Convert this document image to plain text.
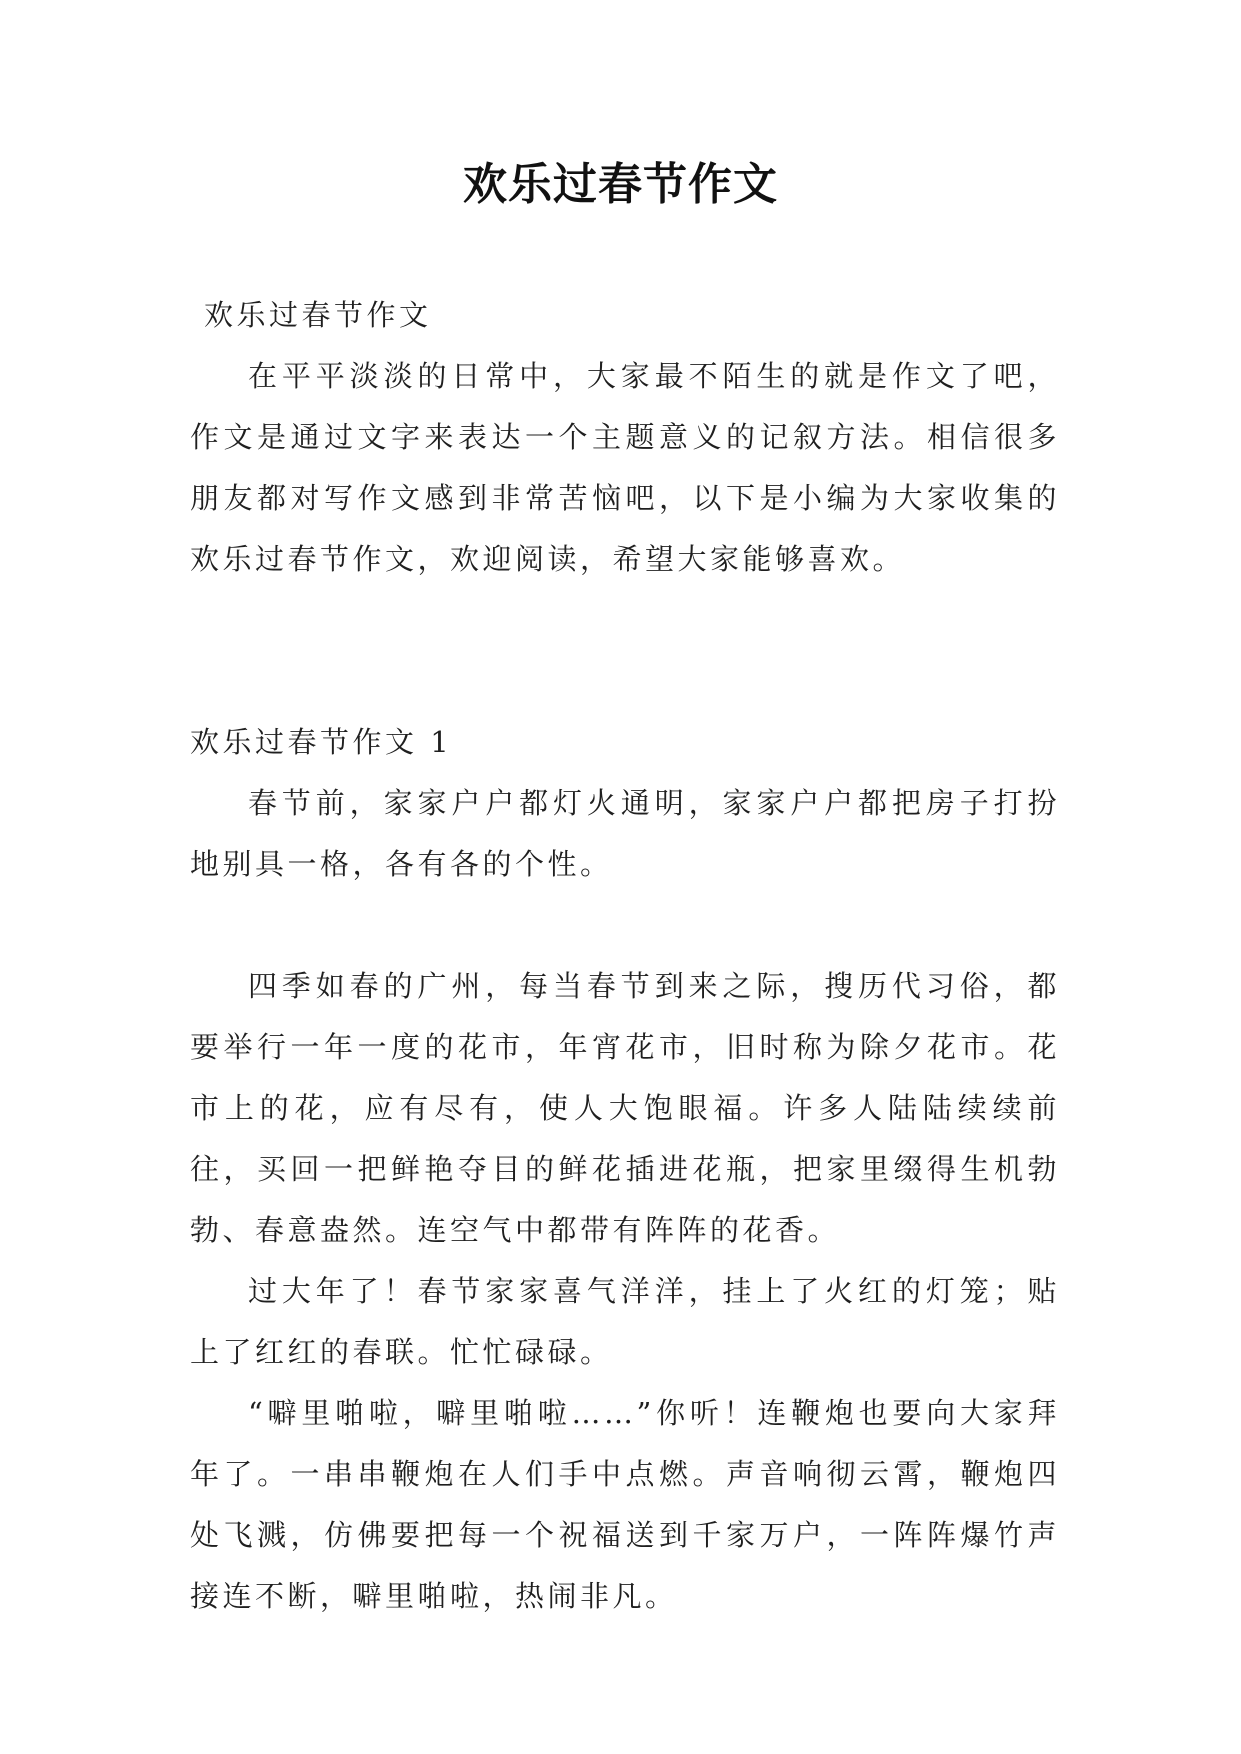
欢乐过春节作文

欢乐过春节作文

在平平淡淡的日常中，大家最不陌生的就是作文了吧，作文是通过文字来表达一个主题意义的记叙方法。相信很多朋友都对写作文感到非常苦恼吧，以下是小编为大家收集的欢乐过春节作文，欢迎阅读，希望大家能够喜欢。

欢乐过春节作文 1

春节前，家家户户都灯火通明，家家户户都把房子打扮地别具一格，各有各的个性。

四季如春的广州，每当春节到来之际，搜历代习俗，都要举行一年一度的花市，年宵花市，旧时称为除夕花市。花市上的花，应有尽有，使人大饱眼福。许多人陆陆续续前往，买回一把鲜艳夺目的鲜花插进花瓶，把家里缀得生机勃勃、春意盎然。连空气中都带有阵阵的花香。

过大年了！春节家家喜气洋洋，挂上了火红的灯笼；贴上了红红的春联。忙忙碌碌。

“噼里啪啦，噼里啪啦……”你听！连鞭炮也要向大家拜年了。一串串鞭炮在人们手中点燃。声音响彻云霄，鞭炮四处飞溅，仿佛要把每一个祝福送到千家万户，一阵阵爆竹声接连不断，噼里啪啦，热闹非凡。
